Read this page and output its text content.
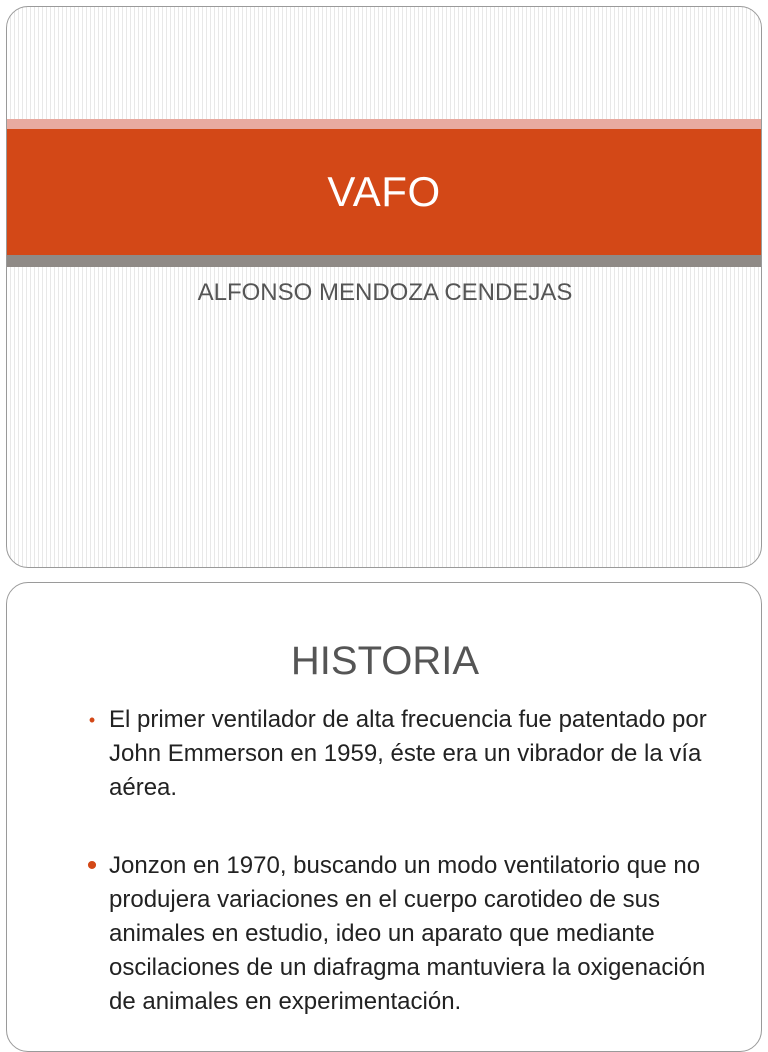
VAFO
ALFONSO MENDOZA CENDEJAS
HISTORIA
• El primer ventilador de alta frecuencia fue patentado por John Emmerson en 1959, éste era un vibrador de la vía aérea.
• Jonzon en 1970, buscando un modo ventilatorio que no produjera variaciones en el cuerpo carotideo de sus animales en estudio, ideo un aparato que mediante oscilaciones de un diafragma mantuviera la oxigenación de animales en experimentación.
